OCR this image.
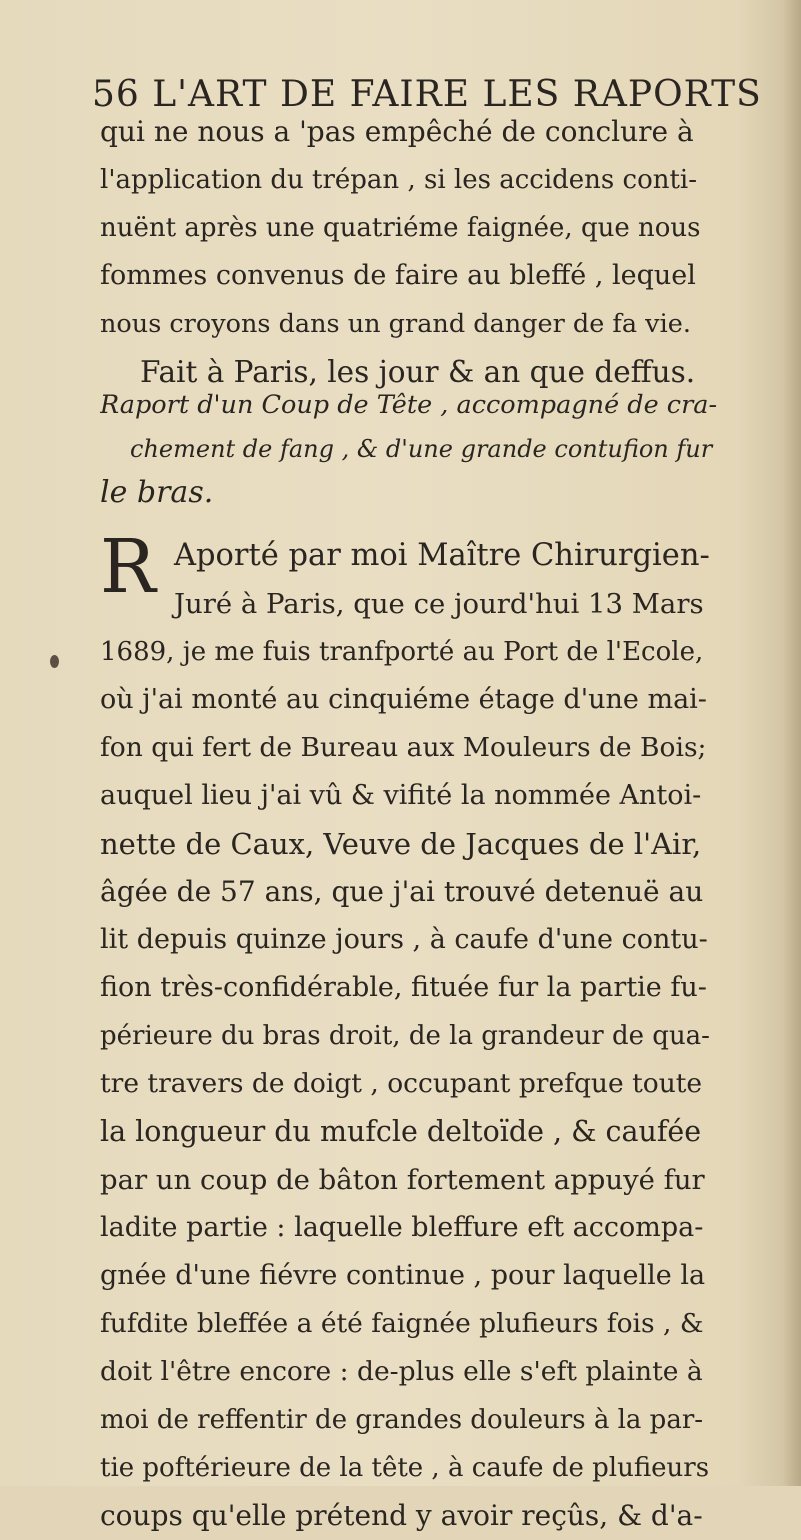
56 L'ART DE FAIRE LES RAPORTS
qui ne nous a 'pas empêché de conclure à
l'application du trépan , si les accidens conti-
nuënt après une quatriéme faignée, que nous
fommes convenus de faire au bleffé , lequel
nous croyons dans un grand danger de fa vie.
Fait à Paris, les jour & an que deffus.
Raport d'un Coup de Tête , accompagné de cra-
chement de fang , & d'une grande contufion fur
le bras.
R Aporté par moi Maître Chirurgien-
Juré à Paris, que ce jourd'hui 13 Mars
1689, je me fuis tranfporté au Port de l'Ecole,
où j'ai monté au cinquiéme étage d'une mai-
fon qui fert de Bureau aux Mouleurs de Bois;
auquel lieu j'ai vû & vifité la nommée Antoi-
nette de Caux, Veuve de Jacques de l'Air,
âgée de 57 ans, que j'ai trouvé detenuë au
lit depuis quinze jours , à caufe d'une contu-
fion très-confidérable, fituée fur la partie fu-
périeure du bras droit, de la grandeur de qua-
tre travers de doigt , occupant prefque toute
la longueur du mufcle deltoïde , & caufée
par un coup de bâton fortement appuyé fur
ladite partie : laquelle bleffure eft accompa-
gnée d'une fiévre continue , pour laquelle la
fufdite bleffée a été faignée plufieurs fois , &
doit l'être encore : de-plus elle s'eft plainte à
moi de reffentir de grandes douleurs à la par-
tie poftérieure de la tête , à caufe de plufieurs
coups qu'elle prétend y avoir reçûs, & d'a-
